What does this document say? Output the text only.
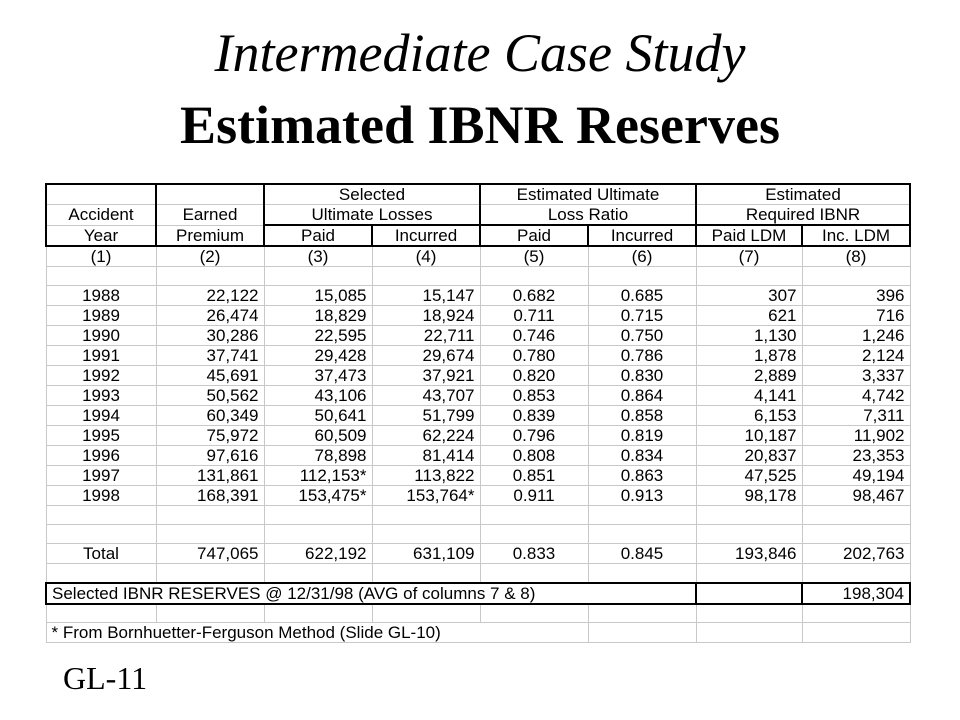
Intermediate Case Study
Estimated IBNR Reserves
		Selected		Estimated Ultimate		Estimated	
Accident	Earned	Ultimate Losses		Loss Ratio		Required IBNR	
Year	Premium	Paid	Incurred	Paid	Incurred	Paid LDM	Inc. LDM
(1)	(2)	(3)	(4)	(5)	(6)	(7)	(8)

1988	22,122	15,085	15,147	0.682	0.685	307	396
1989	26,474	18,829	18,924	0.711	0.715	621	716
1990	30,286	22,595	22,711	0.746	0.750	1,130	1,246
1991	37,741	29,428	29,674	0.780	0.786	1,878	2,124
1992	45,691	37,473	37,921	0.820	0.830	2,889	3,337
1993	50,562	43,106	43,707	0.853	0.864	4,141	4,742
1994	60,349	50,641	51,799	0.839	0.858	6,153	7,311
1995	75,972	60,509	62,224	0.796	0.819	10,187	11,902
1996	97,616	78,898	81,414	0.808	0.834	20,837	23,353
1997	131,861	112,153*	113,822	0.851	0.863	47,525	49,194
1998	168,391	153,475*	153,764*	0.911	0.913	98,178	98,467

Total	747,065	622,192	631,109	0.833	0.845	193,846	202,763

Selected IBNR RESERVES @ 12/31/98 (AVG of columns 7 & 8)							198,304

* From Bornhuetter-Ferguson Method (Slide GL-10)							
GL-11
